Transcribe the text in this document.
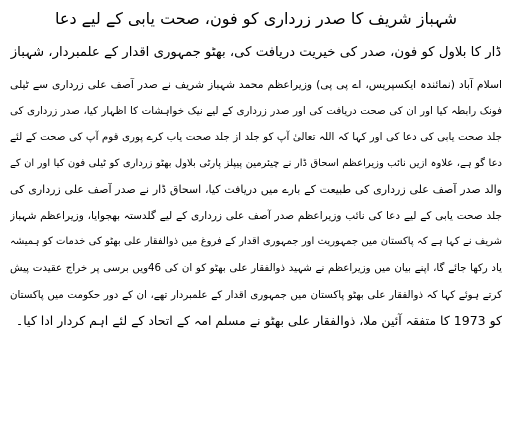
شہباز شریف کا صدر زرداری کو فون، صحت یابی کے لیے دعا
ڈار کا بلاول کو فون، صدر کی خیریت دریافت کی، بھٹو جمہوری اقدار کے علمبردار، شہباز
اسلام آباد (نمائندہ ایکسپریس، اے پی پی) وزیراعظم محمد شہباز شریف نے صدر آصف علی زرداری سے ٹیلی
فونک رابطہ کیا اور ان کی صحت دریافت کی اور صدر زرداری کے لیے نیک خواہشات کا اظہار کیا، صدر زرداری کی
جلد صحت یابی کی دعا کی اور کہا کہ اللہ تعالیٰ آپ کو جلد از جلد صحت یاب کرے پوری قوم آپ کی صحت کے لئے
دعا گو ہے، علاوہ ازیں نائب وزیراعظم اسحاق ڈار نے چیئرمین پیپلز پارٹی بلاول بھٹو زرداری کو ٹیلی فون کیا اور ان کے
والد صدر آصف علی زرداری کی طبیعت کے بارے میں دریافت کیا، اسحاق ڈار نے صدر آصف علی زرداری کی
جلد صحت یابی کے لیے دعا کی نائب وزیراعظم صدر آصف علی زرداری کے لیے گلدستہ بھجوایا، وزیراعظم شہباز
شریف نے کہا ہے کہ پاکستان میں جمہوریت اور جمہوری اقدار کے فروغ میں ذوالفقار علی بھٹو کی خدمات کو ہمیشہ
یاد رکھا جائے گا، اپنے بیان میں وزیراعظم نے شہید ذوالفقار علی بھٹو کو ان کی 46ویں برسی پر خراج عقیدت پیش
کرتے ہوئے کہا کہ ذوالفقار علی بھٹو پاکستان میں جمہوری اقدار کے علمبردار تھے، ان کے دور حکومت میں پاکستان
کو 1973 کا متفقہ آئین ملا، ذوالفقار علی بھٹو نے مسلم امہ کے اتحاد کے لئے اہم کردار ادا کیا۔
